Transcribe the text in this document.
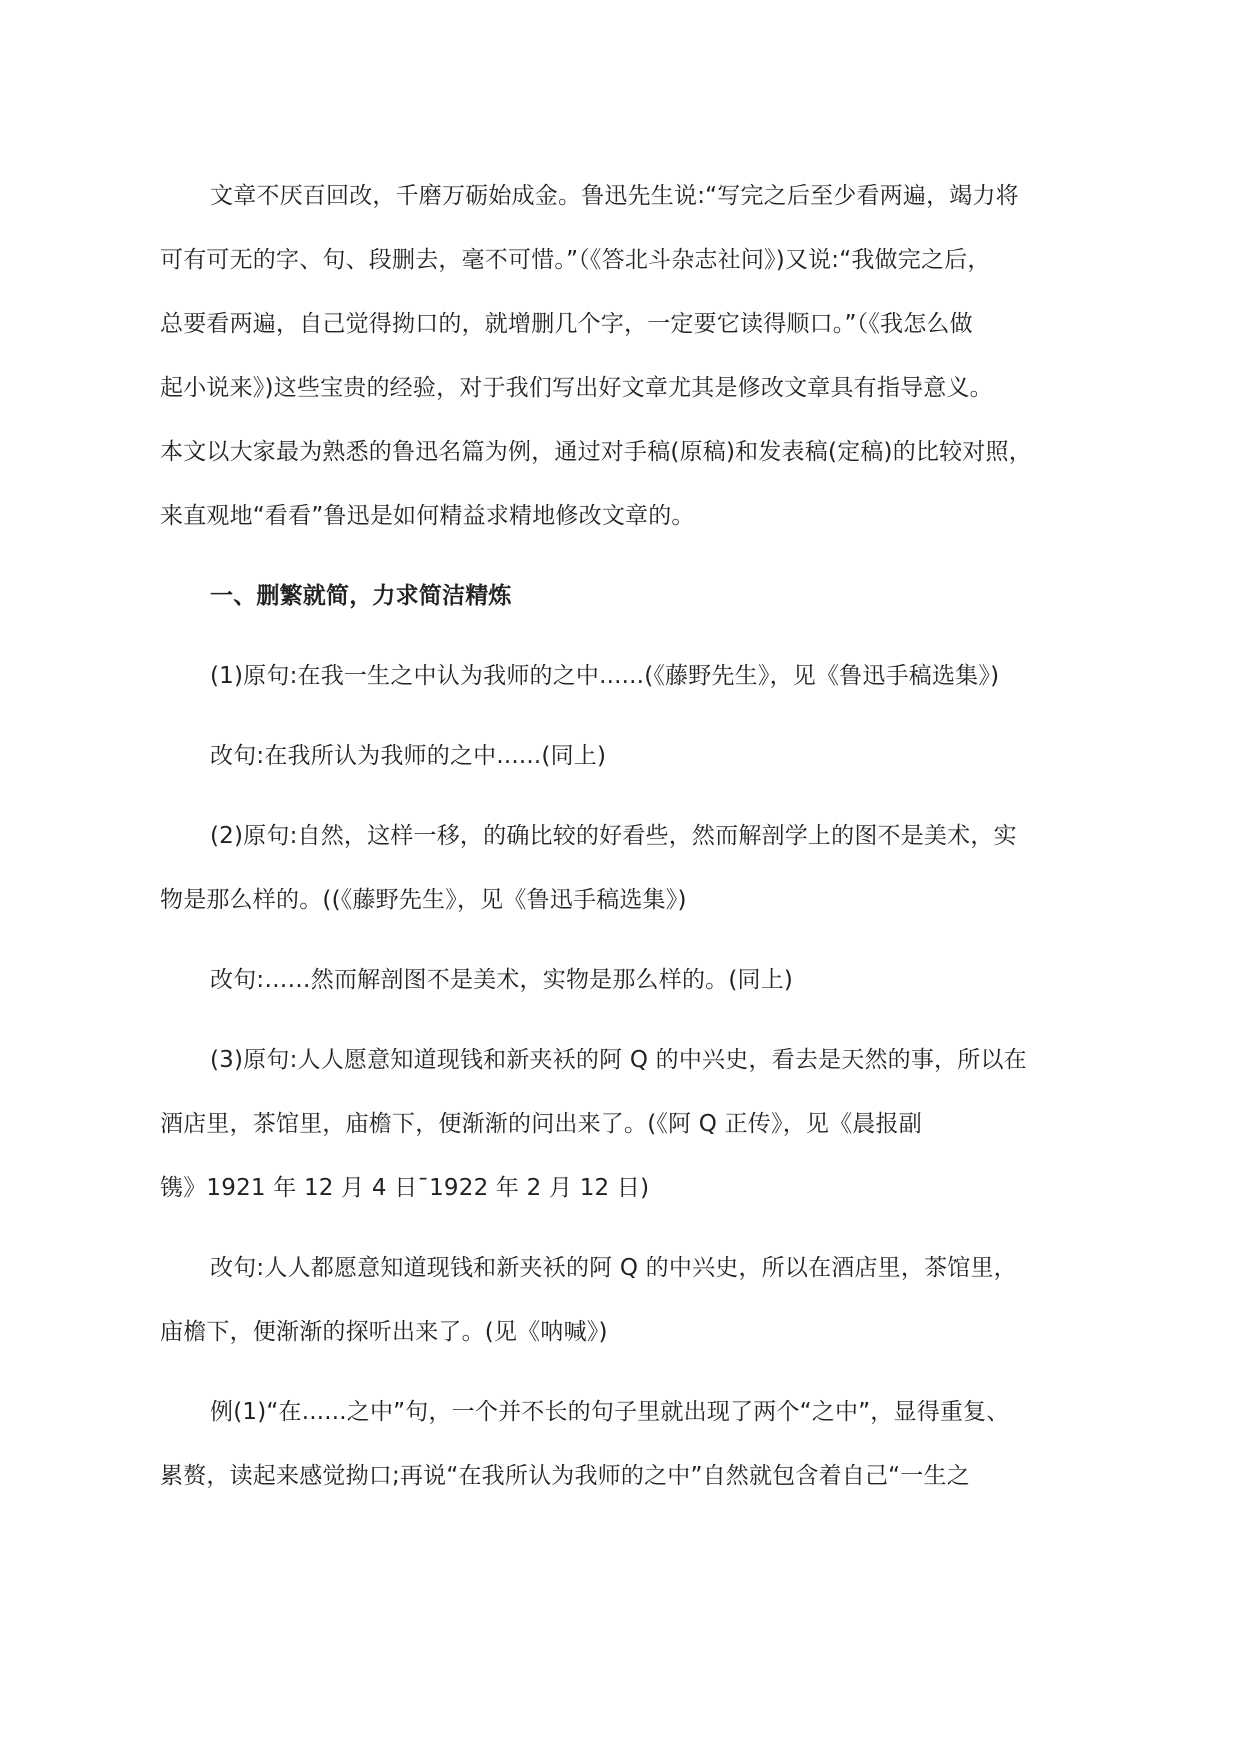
文章不厌百回改，千磨万砺始成金。鲁迅先生说:“写完之后至少看两遍，竭力将
可有可无的字、句、段删去，毫不可惜。”（《答北斗杂志社问》)又说:“我做完之后，
总要看两遍，自己觉得拗口的，就增删几个字，一定要它读得顺口。”（《我怎么做
起小说来》)这些宝贵的经验，对于我们写出好文章尤其是修改文章具有指导意义。
本文以大家最为熟悉的鲁迅名篇为例，通过对手稿(原稿)和发表稿(定稿)的比较对照，
来直观地“看看”鲁迅是如何精益求精地修改文章的。
一、删繁就简，力求简洁精炼
(1)原句:在我一生之中认为我师的之中......(《藤野先生》，见《鲁迅手稿选集》)
改句:在我所认为我师的之中......(同上)
(2)原句:自然，这样一移，的确比较的好看些，然而解剖学上的图不是美术，实
物是那么样的。((《藤野先生》，见《鲁迅手稿选集》)
改句:……然而解剖图不是美术，实物是那么样的。(同上)
(3)原句:人人愿意知道现钱和新夹袄的阿 Q 的中兴史，看去是天然的事，所以在
酒店里，茶馆里，庙檐下，便渐渐的问出来了。(《阿 Q 正传》，见《晨报副
镌》1921 年 12 月 4 日¯1922 年 2 月 12 日)
改句:人人都愿意知道现钱和新夹袄的阿 Q 的中兴史，所以在酒店里，茶馆里，
庙檐下，便渐渐的探听出来了。(见《呐喊》)
例(1)“在......之中”句，一个并不长的句子里就出现了两个“之中”，显得重复、
累赘，读起来感觉拗口;再说“在我所认为我师的之中”自然就包含着自己“一生之
